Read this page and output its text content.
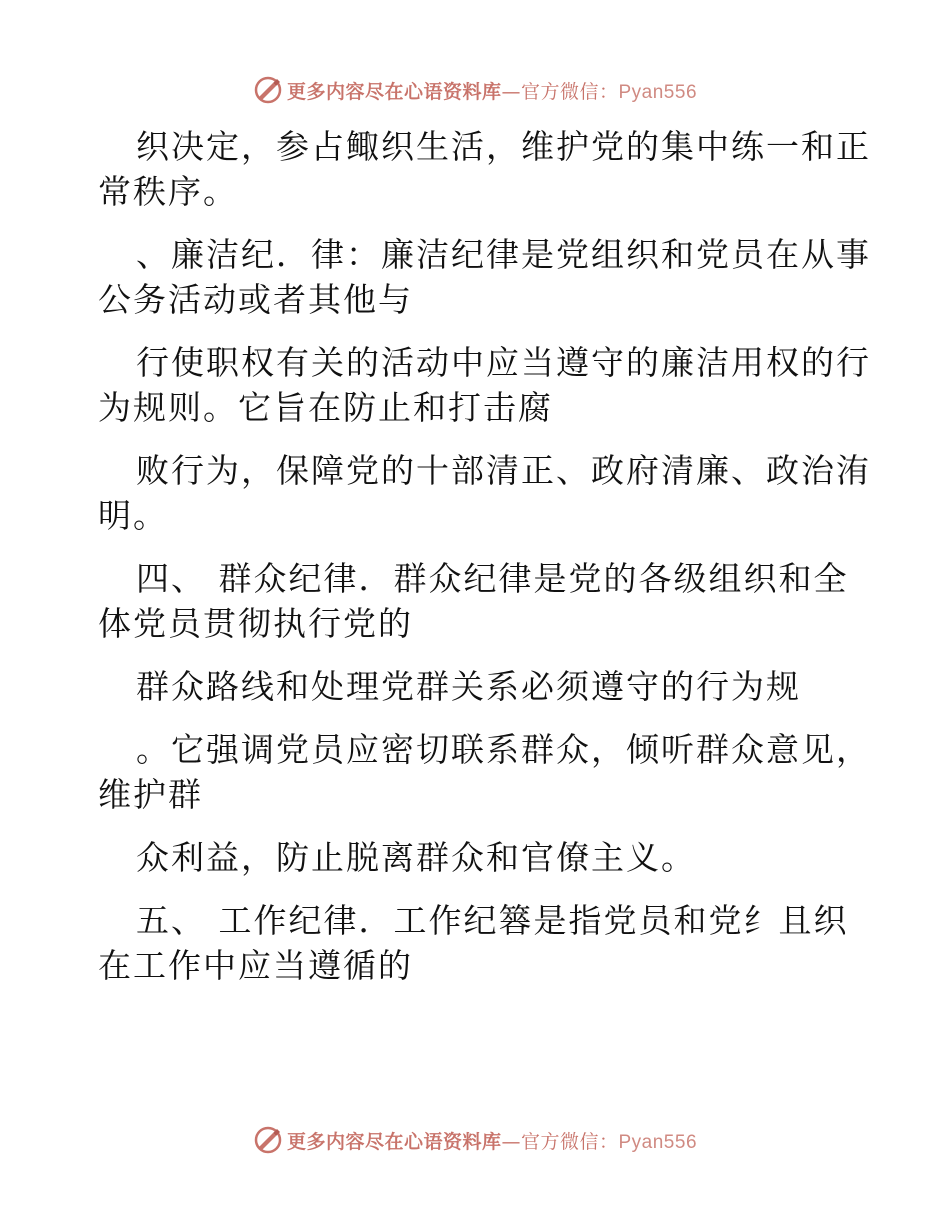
更多内容尽在心语资料库—官方微信：Pyan556
织决定，参占鲰织生活，维护党的集中练一和正
常秩序。
、廉洁纪．律：廉洁纪律是党组织和党员在从事
公务活动或者其他与
行使职权有关的活动中应当遵守的廉洁用权的行
为规则。它旨在防止和打击腐
败行为，保障党的十部清正、政府清廉、政治洧
明。
四、 群众纪律．群众纪律是党的各级组织和全
体党员贯彻执行党的
群众路线和处理党群关系必须遵守的行为规
。它强调党员应密切联系群众，倾听群众意见，
维护群
众利益，防止脱离群众和官僚主义。
五、 工作纪律．工作纪簭是指党员和党纟且织
在工作中应当遵循的
更多内容尽在心语资料库—官方微信：Pyan556
